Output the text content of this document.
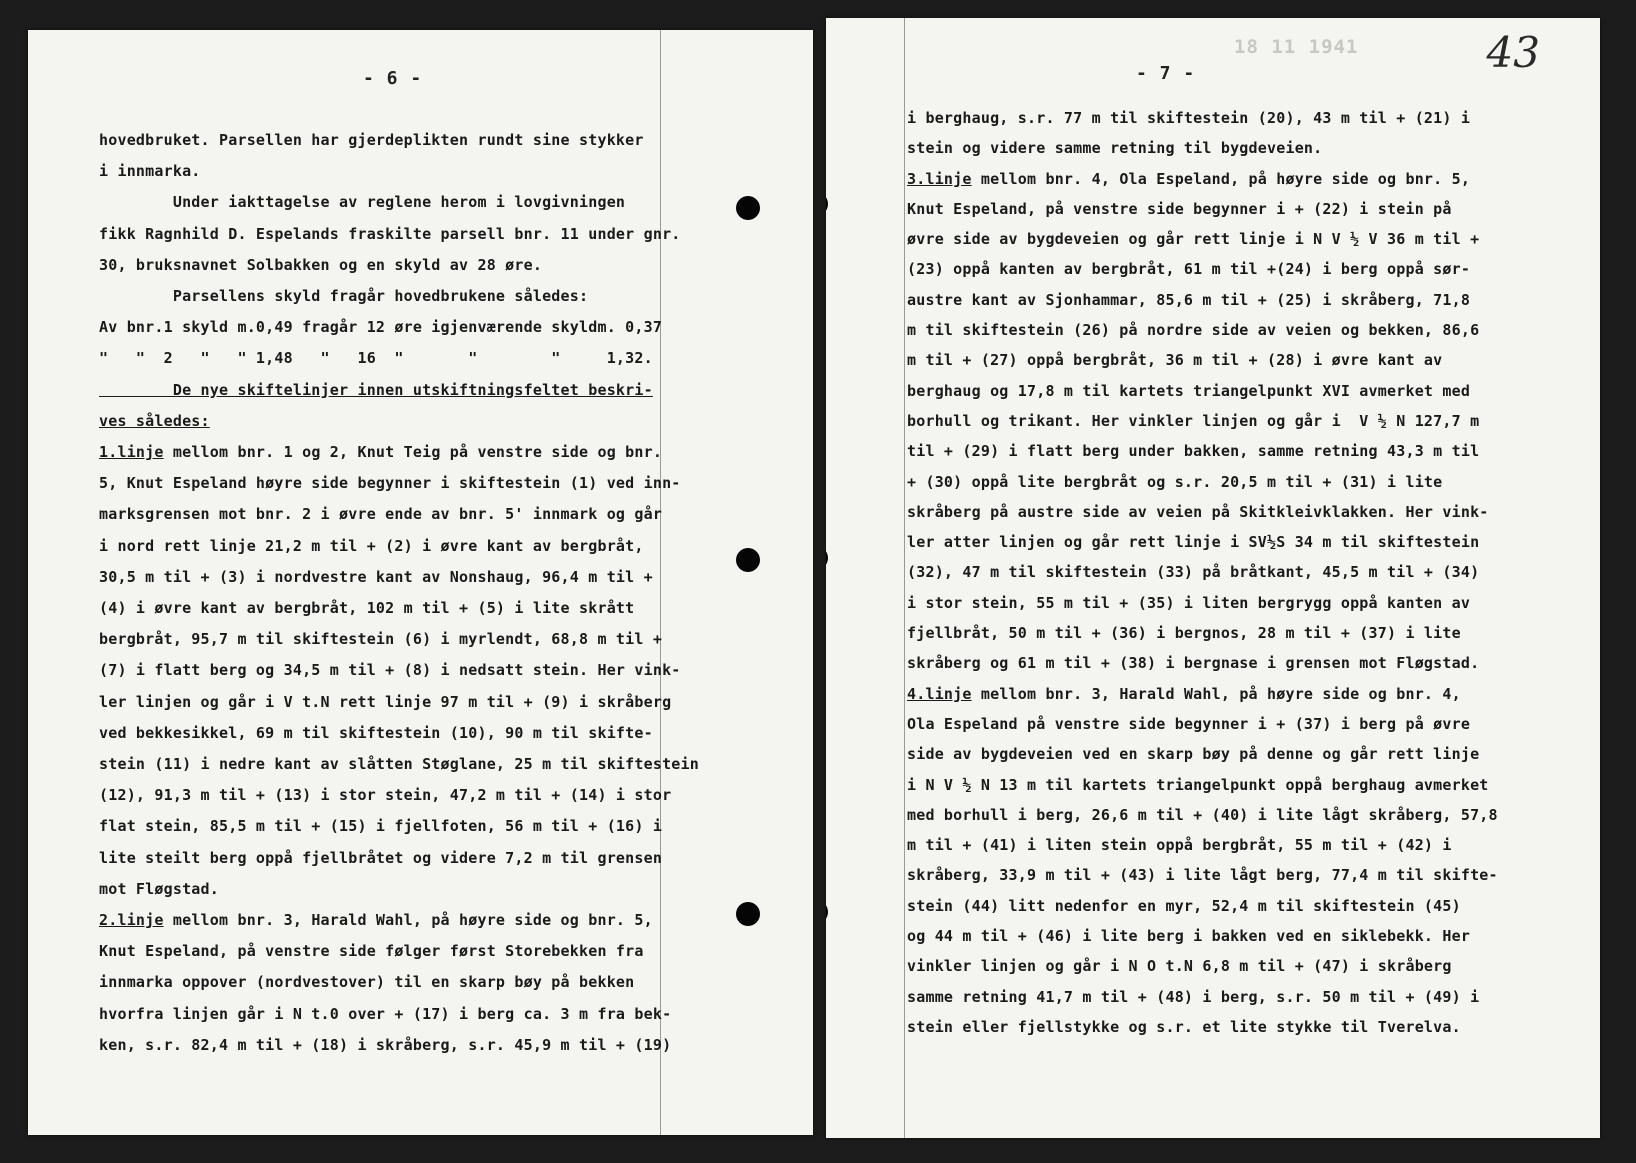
- 6 -
hovedbruket. Parsellen har gjerdeplikten rundt sine stykker
i innmarka.
Under iakttagelse av reglene herom i lovgivningen
fikk Ragnhild D. Espelands fraskilte parsell bnr. 11 under gnr.
30, bruksnavnet Solbakken og en skyld av 28 øre.
Parsellens skyld fragår hovedbrukene således:
Av bnr.1 skyld m.0,49 fragår 12 øre igjenværende skyldm. 0,37
"   "  2   "   " 1,48   "   16  "       "        "     1,32.
De nye skiftelinjer innen utskiftningsfeltet beskri-
ves således:
1.linje mellom bnr. 1 og 2, Knut Teig på venstre side og bnr.
5, Knut Espeland høyre side begynner i skiftestein (1) ved inn-
marksgrensen mot bnr. 2 i øvre ende av bnr. 5' innmark og går
i nord rett linje 21,2 m til + (2) i øvre kant av bergbråt,
30,5 m til + (3) i nordvestre kant av Nonshaug, 96,4 m til +
(4) i øvre kant av bergbråt, 102 m til + (5) i lite skrått
bergbråt, 95,7 m til skiftestein (6) i myrlendt, 68,8 m til +
(7) i flatt berg og 34,5 m til + (8) i nedsatt stein. Her vink-
ler linjen og går i V t.N rett linje 97 m til + (9) i skråberg
ved bekkesikkel, 69 m til skiftestein (10), 90 m til skifte-
stein (11) i nedre kant av slåtten Støglane, 25 m til skiftestein
(12), 91,3 m til + (13) i stor stein, 47,2 m til + (14) i stor
flat stein, 85,5 m til + (15) i fjellfoten, 56 m til + (16) i
lite steilt berg oppå fjellbråtet og videre 7,2 m til grensen
mot Fløgstad.
2.linje mellom bnr. 3, Harald Wahl, på høyre side og bnr. 5,
Knut Espeland, på venstre side følger først Storebekken fra
innmarka oppover (nordvestover) til en skarp bøy på bekken
hvorfra linjen går i N t.0 over + (17) i berg ca. 3 m fra bek-
ken, s.r. 82,4 m til + (18) i skråberg, s.r. 45,9 m til + (19)
18 11 1941	43
- 7 -
i berghaug, s.r. 77 m til skiftestein (20), 43 m til + (21) i
stein og videre samme retning til bygdeveien.
3.linje mellom bnr. 4, Ola Espeland, på høyre side og bnr. 5,
Knut Espeland, på venstre side begynner i + (22) i stein på
øvre side av bygdeveien og går rett linje i N V ½ V 36 m til +
(23) oppå kanten av bergbråt, 61 m til +(24) i berg oppå sør-
austre kant av Sjonhammar, 85,6 m til + (25) i skråberg, 71,8
m til skiftestein (26) på nordre side av veien og bekken, 86,6
m til + (27) oppå bergbråt, 36 m til + (28) i øvre kant av
berghaug og 17,8 m til kartets triangelpunkt XVI avmerket med
borhull og trikant. Her vinkler linjen og går i  V ½ N 127,7 m
til + (29) i flatt berg under bakken, samme retning 43,3 m til
+ (30) oppå lite bergbråt og s.r. 20,5 m til + (31) i lite
skråberg på austre side av veien på Skitkleivklakken. Her vink-
ler atter linjen og går rett linje i SV½S 34 m til skiftestein
(32), 47 m til skiftestein (33) på bråtkant, 45,5 m til + (34)
i stor stein, 55 m til + (35) i liten bergrygg oppå kanten av
fjellbråt, 50 m til + (36) i bergnos, 28 m til + (37) i lite
skråberg og 61 m til + (38) i bergnase i grensen mot Fløgstad.
4.linje mellom bnr. 3, Harald Wahl, på høyre side og bnr. 4,
Ola Espeland på venstre side begynner i + (37) i berg på øvre
side av bygdeveien ved en skarp bøy på denne og går rett linje
i N V ½ N 13 m til kartets triangelpunkt oppå berghaug avmerket
med borhull i berg, 26,6 m til + (40) i lite lågt skråberg, 57,8
m til + (41) i liten stein oppå bergbråt, 55 m til + (42) i
skråberg, 33,9 m til + (43) i lite lågt berg, 77,4 m til skifte-
stein (44) litt nedenfor en myr, 52,4 m til skiftestein (45)
og 44 m til + (46) i lite berg i bakken ved en siklebekk. Her
vinkler linjen og går i N O t.N 6,8 m til + (47) i skråberg
samme retning 41,7 m til + (48) i berg, s.r. 50 m til + (49) i
stein eller fjellstykke og s.r. et lite stykke til Tverelva.
